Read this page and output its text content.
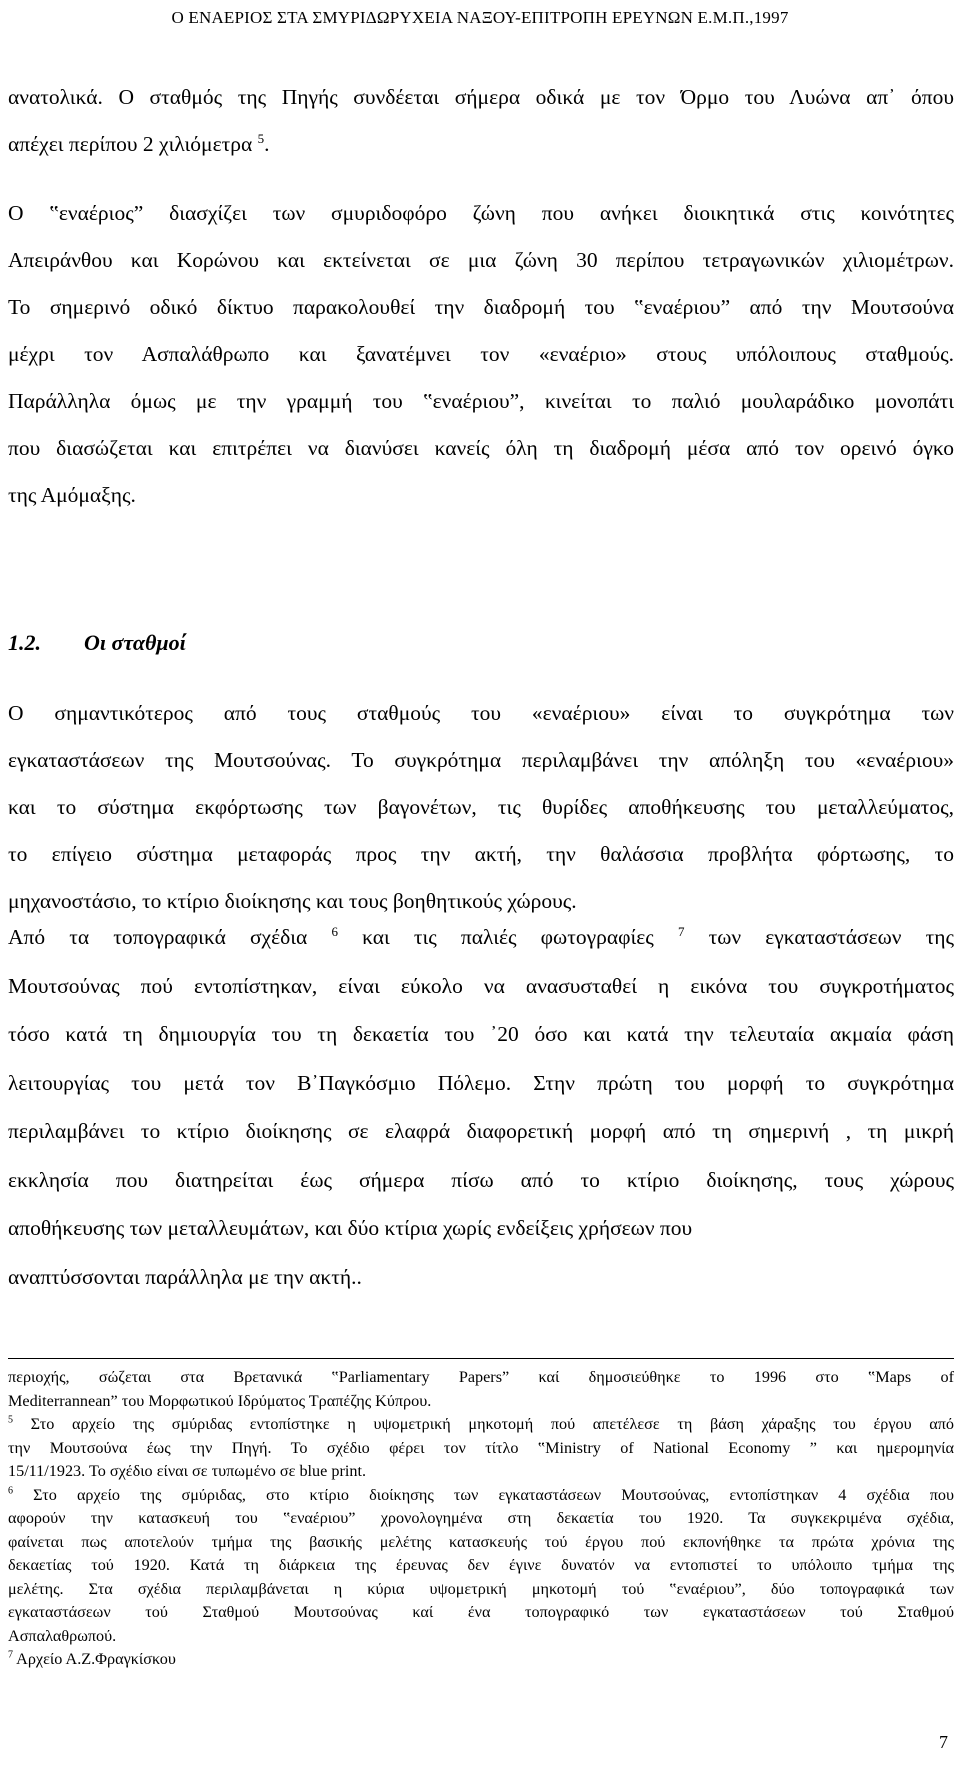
Ο ΕΝΑΕΡΙΟΣ ΣΤΑ ΣΜΥΡΙΔΩΡΥΧΕΙΑ ΝΑΞΟΥ-ΕΠΙΤΡΟΠΗ ΕΡΕΥΝΩΝ Ε.Μ.Π.,1997
ανατολικά. Ο σταθμός της Πηγής συνδέεται σήμερα οδικά με τον Όρμο του Λυώνα απ᾽ όπου
απέχει περίπου 2 χιλιόμετρα $^5$.
Ο ‟εναέριος” διασχίζει των σμυριδοφόρο ζώνη που ανήκει διοικητικά στις κοινότητες
Απειράνθου και Κορώνου και εκτείνεται σε μια ζώνη 30 περίπου τετραγωνικών χιλιομέτρων.
Το σημερινό οδικό δίκτυο παρακολουθεί την διαδρομή του ‟εναέριου” από την Μουτσούνα
μέχρι τον Ασπαλάθρωπο και ξανατέμνει τον «εναέριο» στους υπόλοιπους σταθμούς.
Παράλληλα όμως με την γραμμή του ‟εναέριου”, κινείται το παλιό μουλαράδικο μονοπάτι
που διασώζεται και επιτρέπει να διανύσει κανείς όλη τη διαδρομή μέσα από τον ορεινό όγκο
της Αμόμαξης.
1.2. Οι σταθμοί
Ο σημαντικότερος από τους σταθμούς του «εναέριου» είναι το συγκρότημα των
εγκαταστάσεων της Μουτσούνας. Το συγκρότημα περιλαμβάνει την απόληξη του «εναέριου»
και το σύστημα εκφόρτωσης των βαγονέτων, τις θυρίδες αποθήκευσης του μεταλλεύματος,
το επίγειο σύστημα μεταφοράς προς την ακτή, την θαλάσσια προβλήτα φόρτωσης, το
μηχανοστάσιο, το κτίριο διοίκησης και τους βοηθητικούς χώρους.
Από τα τοπογραφικά σχέδια $^6$ και τις παλιές φωτογραφίες $^7$ των εγκαταστάσεων της
Μουτσούνας πού εντοπίστηκαν, είναι εύκολο να ανασυσταθεί η εικόνα του συγκροτήματος
τόσο κατά τη δημιουργία του τη δεκαετία του ᾽20 όσο και κατά την τελευταία ακμαία φάση
λειτουργίας του μετά τον Β᾽Παγκόσμιο Πόλεμο. Στην πρώτη του μορφή το συγκρότημα
περιλαμβάνει το κτίριο διοίκησης σε ελαφρά διαφορετική μορφή από τη σημερινή , τη μικρή
εκκλησία που διατηρείται έως σήμερα πίσω από το κτίριο διοίκησης, τους χώρους
αποθήκευσης των μεταλλευμάτων, και δύο κτίρια χωρίς ενδείξεις χρήσεων που
αναπτύσσονται παράλληλα με την ακτή..
περιοχής, σώζεται στα Βρετανικά ‟Parliamentary Papers” καί δημοσιεύθηκε το 1996 στο ‟Maps of
Mediterrannean” του Μορφωτικού Ιδρύματος Τραπέζης Κύπρου.
$^5$ Στο αρχείο της σμύριδας εντοπίστηκε η υψομετρική μηκοτομή πού απετέλεσε τη βάση χάραξης του έργου από
την Μουτσούνα έως την Πηγή. Το σχέδιο φέρει τον τίτλο ‟Ministry of National Economy ” και ημερομηνία
15/11/1923. Το σχέδιο είναι σε τυπωμένο σε blue print.
$^6$ Στο αρχείο της σμύριδας, στο κτίριο διοίκησης των εγκαταστάσεων Μουτσούνας, εντοπίστηκαν 4 σχέδια που
αφορούν την κατασκευή του ‟εναέριου” χρονολογημένα στη δεκαετία του 1920. Τα συγκεκριμένα σχέδια,
φαίνεται πως αποτελούν τμήμα της βασικής μελέτης κατασκευής τού έργου πού εκπονήθηκε τα πρώτα χρόνια της
δεκαετίας τού 1920. Κατά τη διάρκεια της έρευνας δεν έγινε δυνατόν να εντοπιστεί το υπόλοιπο τμήμα της
μελέτης. Στα σχέδια περιλαμβάνεται η κύρια υψομετρική μηκοτομή τού ‟εναέριου”, δύο τοπογραφικά των
εγκαταστάσεων τού Σταθμού Μουτσούνας καί ένα τοπογραφικό των εγκαταστάσεων τού Σταθμού
Ασπαλαθρωπού.
$^7$ Αρχείο Α.Ζ.Φραγκίσκου
7
